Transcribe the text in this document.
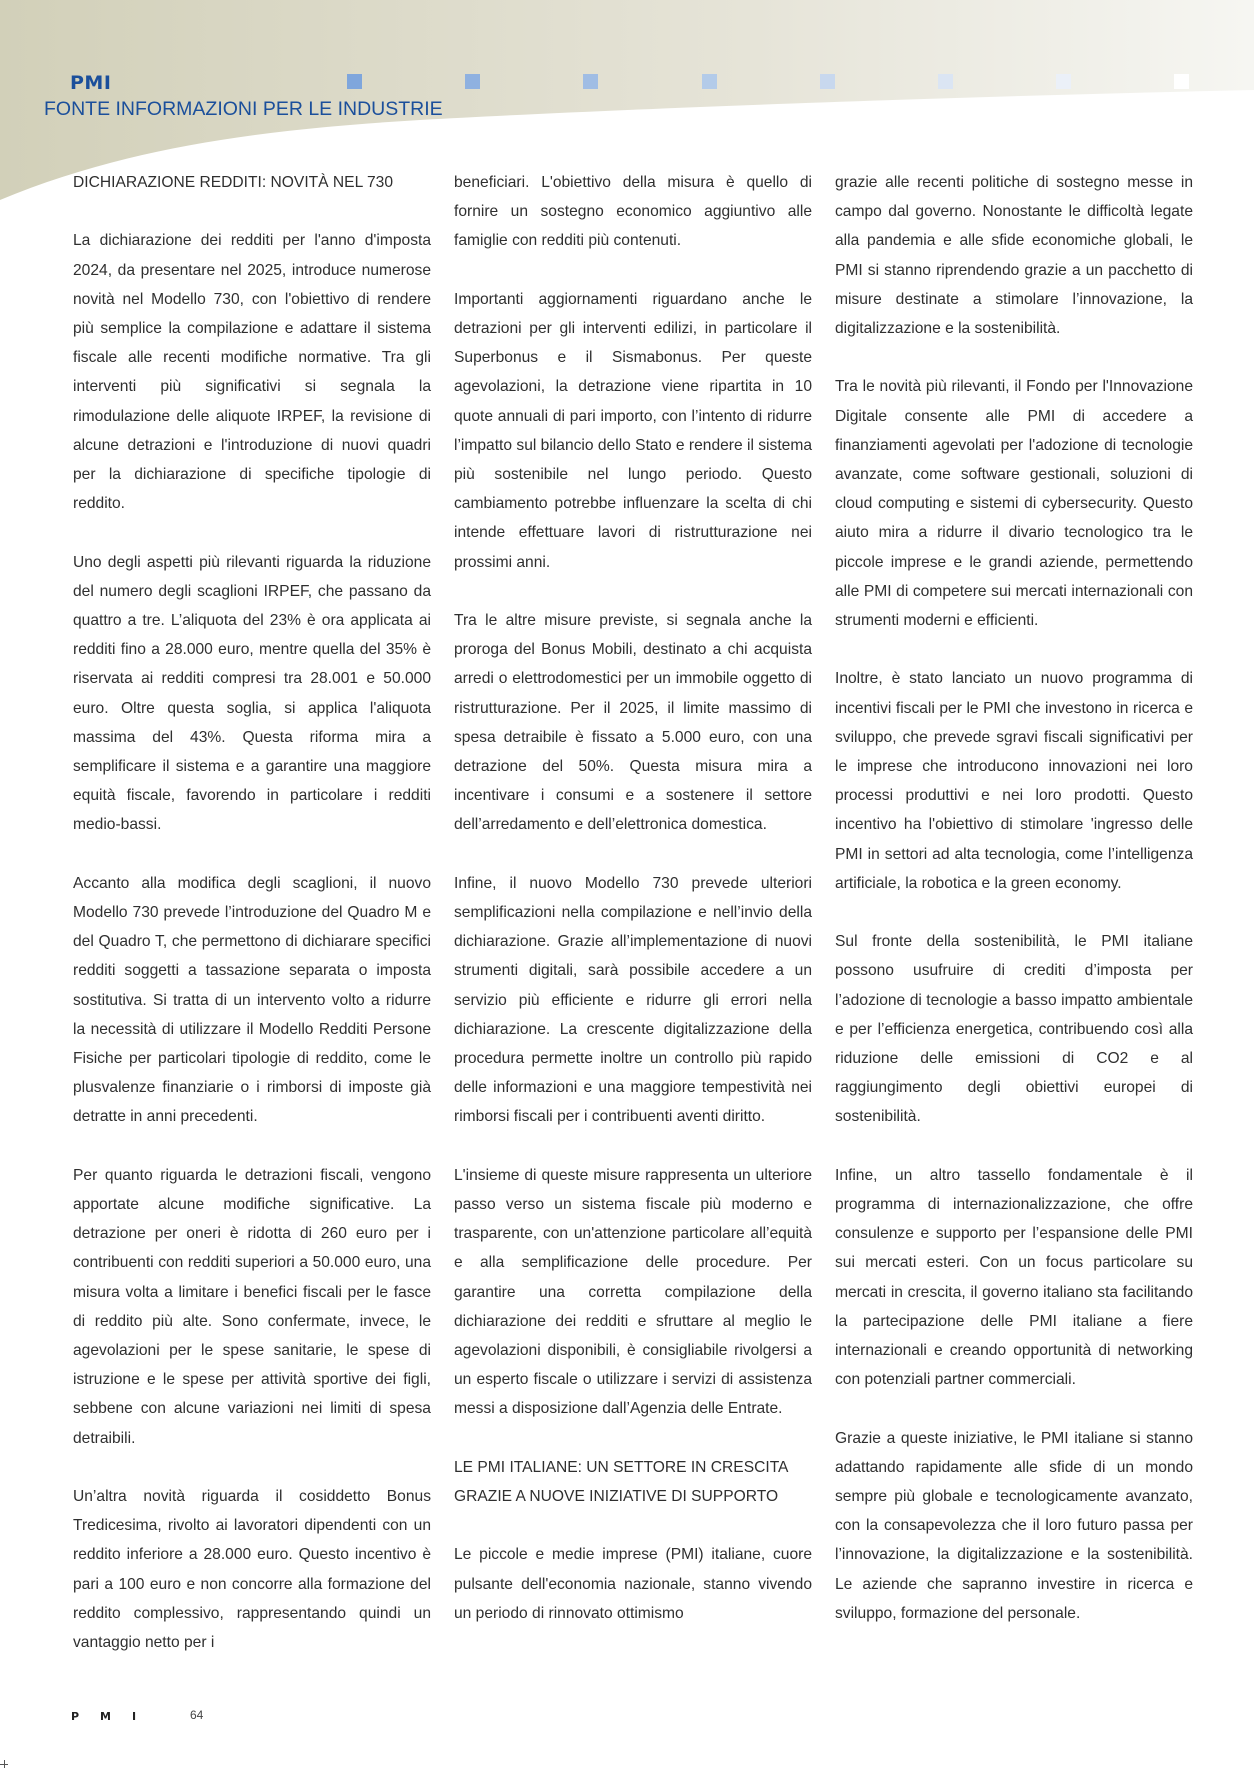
PMI
FONTE INFORMAZIONI PER LE INDUSTRIE

DICHIARAZIONE REDDITI: NOVITÀ NEL 730

La dichiarazione dei redditi per l'anno d'imposta 2024, da presentare nel 2025, introduce numerose novità nel Modello 730, con l'obiettivo di rendere più semplice la compilazione e adattare il sistema fiscale alle recenti modifiche normative. Tra gli interventi più significativi si segnala la rimodulazione delle aliquote IRPEF, la revisione di alcune detrazioni e l'introduzione di nuovi quadri per la dichiarazione di specifiche tipologie di reddito.

Uno degli aspetti più rilevanti riguarda la riduzione del numero degli scaglioni IRPEF, che passano da quattro a tre. L’aliquota del 23% è ora applicata ai redditi fino a 28.000 euro, mentre quella del 35% è riservata ai redditi compresi tra 28.001 e 50.000 euro. Oltre questa soglia, si applica l'aliquota massima del 43%. Questa riforma mira a semplificare il sistema e a garantire una maggiore equità fiscale, favorendo in particolare i redditi medio-bassi.

Accanto alla modifica degli scaglioni, il nuovo Modello 730 prevede l’introduzione del Quadro M e del Quadro T, che permettono di dichiarare specifici redditi soggetti a tassazione separata o imposta sostitutiva. Si tratta di un intervento volto a ridurre la necessità di utilizzare il Modello Redditi Persone Fisiche per particolari tipologie di reddito, come le plusvalenze finanziarie o i rimborsi di imposte già detratte in anni precedenti.

Per quanto riguarda le detrazioni fiscali, vengono apportate alcune modifiche significative. La detrazione per oneri è ridotta di 260 euro per i contribuenti con redditi superiori a 50.000 euro, una misura volta a limitare i benefici fiscali per le fasce di reddito più alte. Sono confermate, invece, le agevolazioni per le spese sanitarie, le spese di istruzione e le spese per attività sportive dei figli, sebbene con alcune variazioni nei limiti di spesa detraibili.

Un’altra novità riguarda il cosiddetto Bonus Tredicesima, rivolto ai lavoratori dipendenti con un reddito inferiore a 28.000 euro. Questo incentivo è pari a 100 euro e non concorre alla formazione del reddito complessivo, rappresentando quindi un vantaggio netto per i

beneficiari. L'obiettivo della misura è quello di fornire un sostegno economico aggiuntivo alle famiglie con redditi più contenuti.

Importanti aggiornamenti riguardano anche le detrazioni per gli interventi edilizi, in particolare il Superbonus e il Sismabonus. Per queste agevolazioni, la detrazione viene ripartita in 10 quote annuali di pari importo, con l’intento di ridurre l’impatto sul bilancio dello Stato e rendere il sistema più sostenibile nel lungo periodo. Questo cambiamento potrebbe influenzare la scelta di chi intende effettuare lavori di ristrutturazione nei prossimi anni.

Tra le altre misure previste, si segnala anche la proroga del Bonus Mobili, destinato a chi acquista arredi o elettrodomestici per un immobile oggetto di ristrutturazione. Per il 2025, il limite massimo di spesa detraibile è fissato a 5.000 euro, con una detrazione del 50%. Questa misura mira a incentivare i consumi e a sostenere il settore dell’arredamento e dell’elettronica domestica.

Infine, il nuovo Modello 730 prevede ulteriori semplificazioni nella compilazione e nell’invio della dichiarazione. Grazie all’implementazione di nuovi strumenti digitali, sarà possibile accedere a un servizio più efficiente e ridurre gli errori nella dichiarazione. La crescente digitalizzazione della procedura permette inoltre un controllo più rapido delle informazioni e una maggiore tempestività nei rimborsi fiscali per i contribuenti aventi diritto.

L'insieme di queste misure rappresenta un ulteriore passo verso un sistema fiscale più moderno e trasparente, con un'attenzione particolare all’equità e alla semplificazione delle procedure. Per garantire una corretta compilazione della dichiarazione dei redditi e sfruttare al meglio le agevolazioni disponibili, è consigliabile rivolgersi a un esperto fiscale o utilizzare i servizi di assistenza messi a disposizione dall’Agenzia delle Entrate.

LE PMI ITALIANE: UN SETTORE IN CRESCITA GRAZIE A NUOVE INIZIATIVE DI SUPPORTO

Le piccole e medie imprese (PMI) italiane, cuore pulsante dell'economia nazionale, stanno vivendo un periodo di rinnovato ottimismo

grazie alle recenti politiche di sostegno messe in campo dal governo. Nonostante le difficoltà legate alla pandemia e alle sfide economiche globali, le PMI si stanno riprendendo grazie a un pacchetto di misure destinate a stimolare l’innovazione, la digitalizzazione e la sostenibilità.

Tra le novità più rilevanti, il Fondo per l'Innovazione Digitale consente alle PMI di accedere a finanziamenti agevolati per l'adozione di tecnologie avanzate, come software gestionali, soluzioni di cloud computing e sistemi di cybersecurity. Questo aiuto mira a ridurre il divario tecnologico tra le piccole imprese e le grandi aziende, permettendo alle PMI di competere sui mercati internazionali con strumenti moderni e efficienti.

Inoltre, è stato lanciato un nuovo programma di incentivi fiscali per le PMI che investono in ricerca e sviluppo, che prevede sgravi fiscali significativi per le imprese che introducono innovazioni nei loro processi produttivi e nei loro prodotti. Questo incentivo ha l'obiettivo di stimolare 'ingresso delle PMI in settori ad alta tecnologia, come l’intelligenza artificiale, la robotica e la green economy.

Sul fronte della sostenibilità, le PMI italiane possono usufruire di crediti d’imposta per l’adozione di tecnologie a basso impatto ambientale e per l’efficienza energetica, contribuendo così alla riduzione delle emissioni di CO2 e al raggiungimento degli obiettivi europei di sostenibilità.

Infine, un altro tassello fondamentale è il programma di internazionalizzazione, che offre consulenze e supporto per l’espansione delle PMI sui mercati esteri. Con un focus particolare su mercati in crescita, il governo italiano sta facilitando la partecipazione delle PMI italiane a fiere internazionali e creando opportunità di networking con potenziali partner commerciali.

Grazie a queste iniziative, le PMI italiane si stanno adattando rapidamente alle sfide di un mondo sempre più globale e tecnologicamente avanzato, con la consapevolezza che il loro futuro passa per l’innovazione, la digitalizzazione e la sostenibilità. Le aziende che sapranno investire in ricerca e sviluppo, formazione del personale.

PMI	64
